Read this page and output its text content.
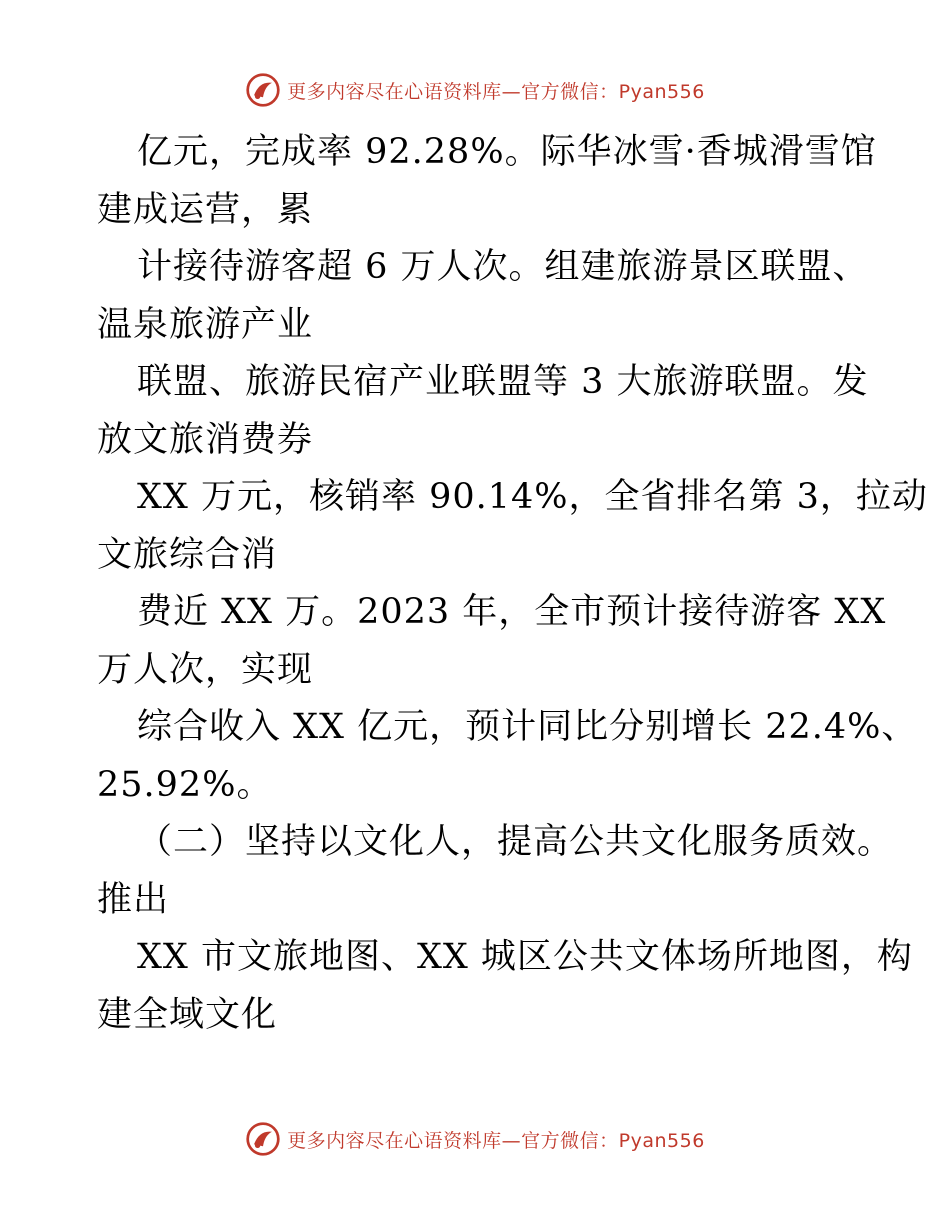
更多内容尽在心语资料库—官方微信：Pyan556
亿元，完成率 92.28%。际华冰雪·香城滑雪馆
建成运营，累
计接待游客超 6 万人次。组建旅游景区联盟、
温泉旅游产业
联盟、旅游民宿产业联盟等 3 大旅游联盟。发
放文旅消费券
XX 万元，核销率 90.14%，全省排名第 3，拉动
文旅综合消
费近 XX 万。2023 年，全市预计接待游客 XX
万人次，实现
综合收入 XX 亿元，预计同比分别增长 22.4%、
25.92%。
（二）坚持以文化人，提高公共文化服务质效。
推出
XX 市文旅地图、XX 城区公共文体场所地图，构
建全域文化
更多内容尽在心语资料库—官方微信：Pyan556
